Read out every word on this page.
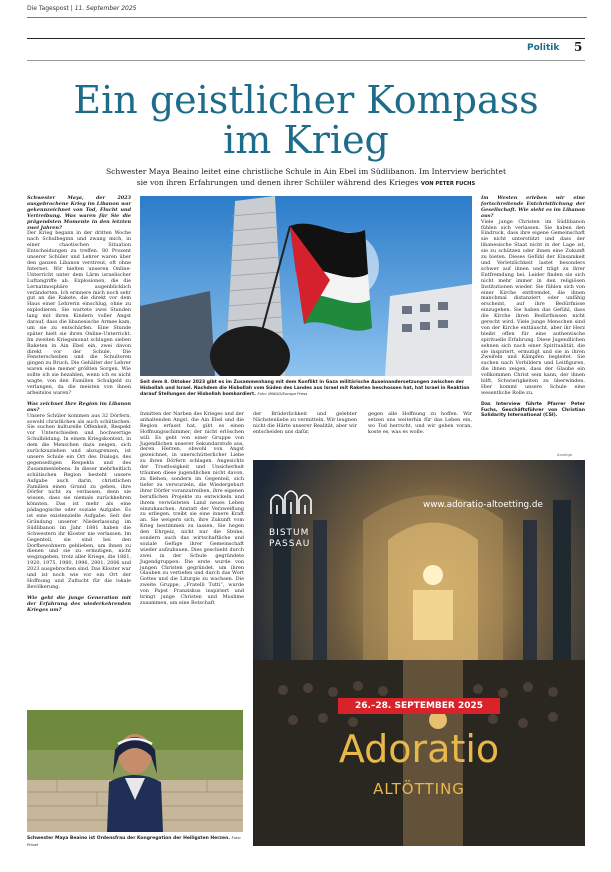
Die Tagespost | 11. September 2025
Politik 5
Ein geistlicher Kompass
im Krieg
Schwester Maya Beaino leitet eine christliche Schule in Ain Ebel im Südlibanon. Im Interview berichtet
sie von ihren Erfahrungen und denen ihrer Schüler während des Krieges VON PETER FUCHS
Schwester Maya, der 2023 ausgebrochene Krieg im Libanon war gekennzeichnet von Tod, Flucht und Vertreibung. Was waren für Sie die prägendsten Momente in den letzten zwei Jahren?
Der Krieg begann in der dritten Woche nach Schulbeginn und zwang mich, in einer chaotischen Situation Entscheidungen zu treffen. 80 Prozent unserer Schüler und Lehrer waren über den ganzen Libanon verstreut, oft ohne Internet. Wir hielten unseren Online-Unterricht unter dem Lärm israelischer Luftangriffe ab. Explosionen, die die Lernatmosphäre augenblicklich veränderten. Ich erinnere mich noch sehr gut an die Rakete, die direkt vor dem Haus einer Lehrerin einschlug, ohne zu explodieren. Sie wartete zwei Stunden lang mit ihren Kindern voller Angst darauf, dass die libanesische Armee kam, um sie zu entschärfen. Eine Stunde später hielt sie ihren Online-Unterricht. Im zweiten Kriegsmonat schlugen sieben Raketen in Ain Ebel ein, zwei davon direkt vor der Schule. Die Fensterscheiben und die Schultoren gingen zu Bruch. Die Gehälter der Lehrer waren eine meiner größten Sorgen. Wie sollte ich sie bezahlen, wenn ich es nicht wagte, von den Familien Schulgeld zu verlangen, da die meisten von ihnen arbeitslos waren?
Was zeichnet Ihre Region im Libanon aus?
Unsere Schüler kommen aus 32 Dörfern, sowohl christlichen als auch schiitischen. Sie suchen kulturelle Offenheit, Respekt vor Unterschieden und hochwertige Schulbildung. In einem Kriegskontext, in dem die Menschen dazu neigen, sich zurückzuziehen und abzugrenzen, ist unsere Schule ein Ort des Dialogs, des gegenseitigen Respekts und des Zusammenlebens. In dieser mehrheitlich schiitischen Region besteht unsere Aufgabe auch darin, christlichen Familien einen Grund zu geben, ihre Dörfer nicht zu verlassen, denn sie wissen, dass sie niemals zurückkehren könnten. Das ist mehr als eine pädagogische oder soziale Aufgabe. Es ist eine existenzielle Aufgabe. Seit der Gründung unserer Niederlassung im Südlibanon im Jahr 1881 haben die Schwestern ihr Kloster nie verlassen. Im Gegenteil, sie sind bei den Dorfbewohnern geblieben, um ihnen zu dienen und sie zu ermutigen, nicht wegzugehen, trotz aller Kriege, die 1861, 1920, 1975, 1980, 1996, 2001, 2006 und 2023 ausgebrochen sind. Das Kloster war und ist noch wie vor ein Ort der Hoffnung und Zuflucht für die lokale Bevölkerung.
Wie geht die junge Generation mit der Erfahrung des wiederkehrenden Krieges um?
Seit dem 8. Oktober 2023 gibt es im Zusammenhang mit dem Konflikt in Gaza militärische Auseinandersetzungen zwischen der Hisbollah und Israel. Nachdem die Hisbollah vom Süden des Landes aus Israel mit Raketen beschossen hat, hat Israel in Reaktion darauf Stellungen der Hisbollah bombardiert. Foto: IMAGO/Europa Press
Im Westen erleben wir eine fortschreitende Entchristlichung der Gesellschaft. Wie sieht es im Libanon aus?
Viele junge Christen im Südlibanon fühlen sich verlassen. Sie haben den Eindruck, dass ihre eigene Gemeinschaft sie nicht unterstützt und dass der libanesische Staat nicht in der Lage ist, sie zu schützen oder ihnen eine Zukunft zu bieten. Dieses Gefühl der Einsamkeit und Verletzlichkeit lastet besonders schwer auf ihnen und trägt zu ihrer Entfremdung bei. Leider finden sie sich nicht mehr immer in den religiösen Institutionen wieder. Sie fühlen sich von einer Kirche entfremdet, die ihnen manchmal distanziert oder unfähig erscheint, auf ihre Bedürfnisse einzugehen. Sie haben das Gefühl, dass die Kirche ihren Bedürfnissen nicht gerecht wird. Viele junge Menschen sind von der Kirche enttäuscht, aber ihr Herz bleibt offen für eine authentische spirituelle Erfahrung. Diese Jugendlichen sehnen sich nach einer Spiritualität, die sie inspiriert, ermutigt und sie in ihren Zweifeln und Kämpfen begleitet. Sie suchen nach Vorbildern und Leitfiguren, die ihnen zeigen, dass der Glaube ein vollkommen Christ sein kann, der ihnen hilft, Schwierigkeiten zu überwinden. Hier kommt unsere Schule eine wesentliche Rolle zu.
Das Interview führte Pfarrer Peter Fuchs, Geschäftsführer von Christian Solidarity International (CSI).
Inmitten der Narben des Krieges und der anhaltenden Angst, die Ain Ebel und die Region erfasst hat, gibt es einen Hoffnungsschimmer, der nicht erlöschen will. Es geht von einer Gruppe von Jugendlichen unserer Sekundarstufe aus, deren Herzen, obwohl von Angst gezeichnet, in unerschütterlicher Liebe zu ihren Dörfern schlagen. Angesichts der Trostlosigkeit und Unsicherheit träumen diese jugendlichen nicht davon, zu fliehen, sondern im Gegenteil, sich tiefer zu verwurzeln, die Wiedergeburt ihrer Dörfer voranzutreiben, ihre eigenen beruflichen Projekte zu entwickeln und ihrem verwüsteten Land neues Leben einzuhauchen. Anstatt der Verzweiflung zu erliegen, treibt sie eine innere Kraft an. Sie weigern sich, ihre Zukunft vom Krieg bestimmen zu lassen. Sie hegen den Ehrgeiz, nicht nur die Steine, sondern auch das wirtschaftliche und soziale Gefüge ihrer Gemeinschaft wieder aufzubauen. Dies geschieht durch zwei in der Schule gegründete Jugendgruppen: Die erste wurde von jungen Christen gegründet, um ihren Glauben zu vertiefen und durch das Wort Gottes und die Liturgie zu wachsen. Die zweite Gruppe, „Fratelli Tutti“, wurde von Papst Franziskus inspiriert und bringt junge Christen und Muslime zusammen, um eine Botschaft
der Brüderlichkeit und gelebter Nächstenliebe zu vermitteln. Wir leugnen nicht die Härte unserer Realität, aber wir entscheiden uns dafür,
gegen alle Hoffnung zu hoffen. Wir setzen uns weiterhin für das Leben ein, wo Tod herrscht, und wir geben voran, koste es, was es wolle.
Anzeige
www.adoratio-altoetting.de
BISTUM
PASSAU
26.–28. SEPTEMBER 2025
Adoratio
ALTÖTTING
Schwester Maya Beaino ist Ordensfrau der Kongregation der Heiligsten Herzen. Foto: Privat
